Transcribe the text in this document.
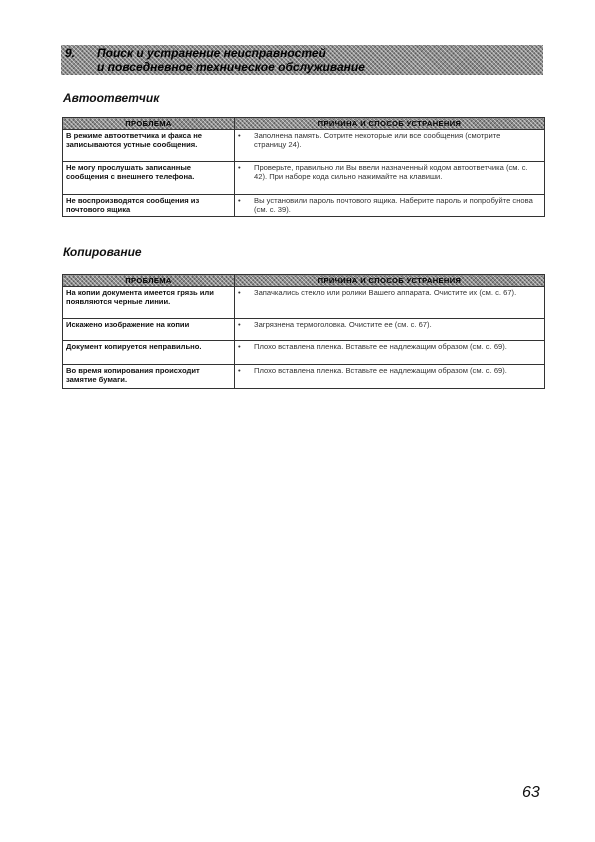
9. Поиск и устранение неисправностей
и повседневное техническое обслуживание
Автоответчик
ПРОБЛЕМА	ПРИЧИНА И СПОСОБ УСТРАНЕНИЯ
В режиме автоответчика и факса не записываются устные сообщения.	• Заполнена память. Сотрите некоторые или все сообщения (смотрите страницу 24).
Не могу прослушать записанные сообщения с внешнего телефона.	• Проверьте, правильно ли Вы ввели назначенный кодом автоответчика (см. с. 42). При наборе кода сильно нажимайте на клавиши.
Не воспроизводятся сообщения из почтового ящика	• Вы установили пароль почтового ящика. Наберите пароль и попробуйте снова (см. с. 39).
Копирование
ПРОБЛЕМА	ПРИЧИНА И СПОСОБ УСТРАНЕНИЯ
На копии документа имеется грязь или появляются черные линии.	• Запачкались стекло или ролики Вашего аппарата. Очистите их (см. с. 67).
Искажено изображение на копии	• Загрязнена термоголовка. Очистите ее (см. с. 67).
Документ копируется неправильно.	• Плохо вставлена пленка. Вставьте ее надлежащим образом (см. с. 69).
Во время копирования происходит замятие бумаги.	• Плохо вставлена пленка. Вставьте ее надлежащим образом (см. с. 69).
63
